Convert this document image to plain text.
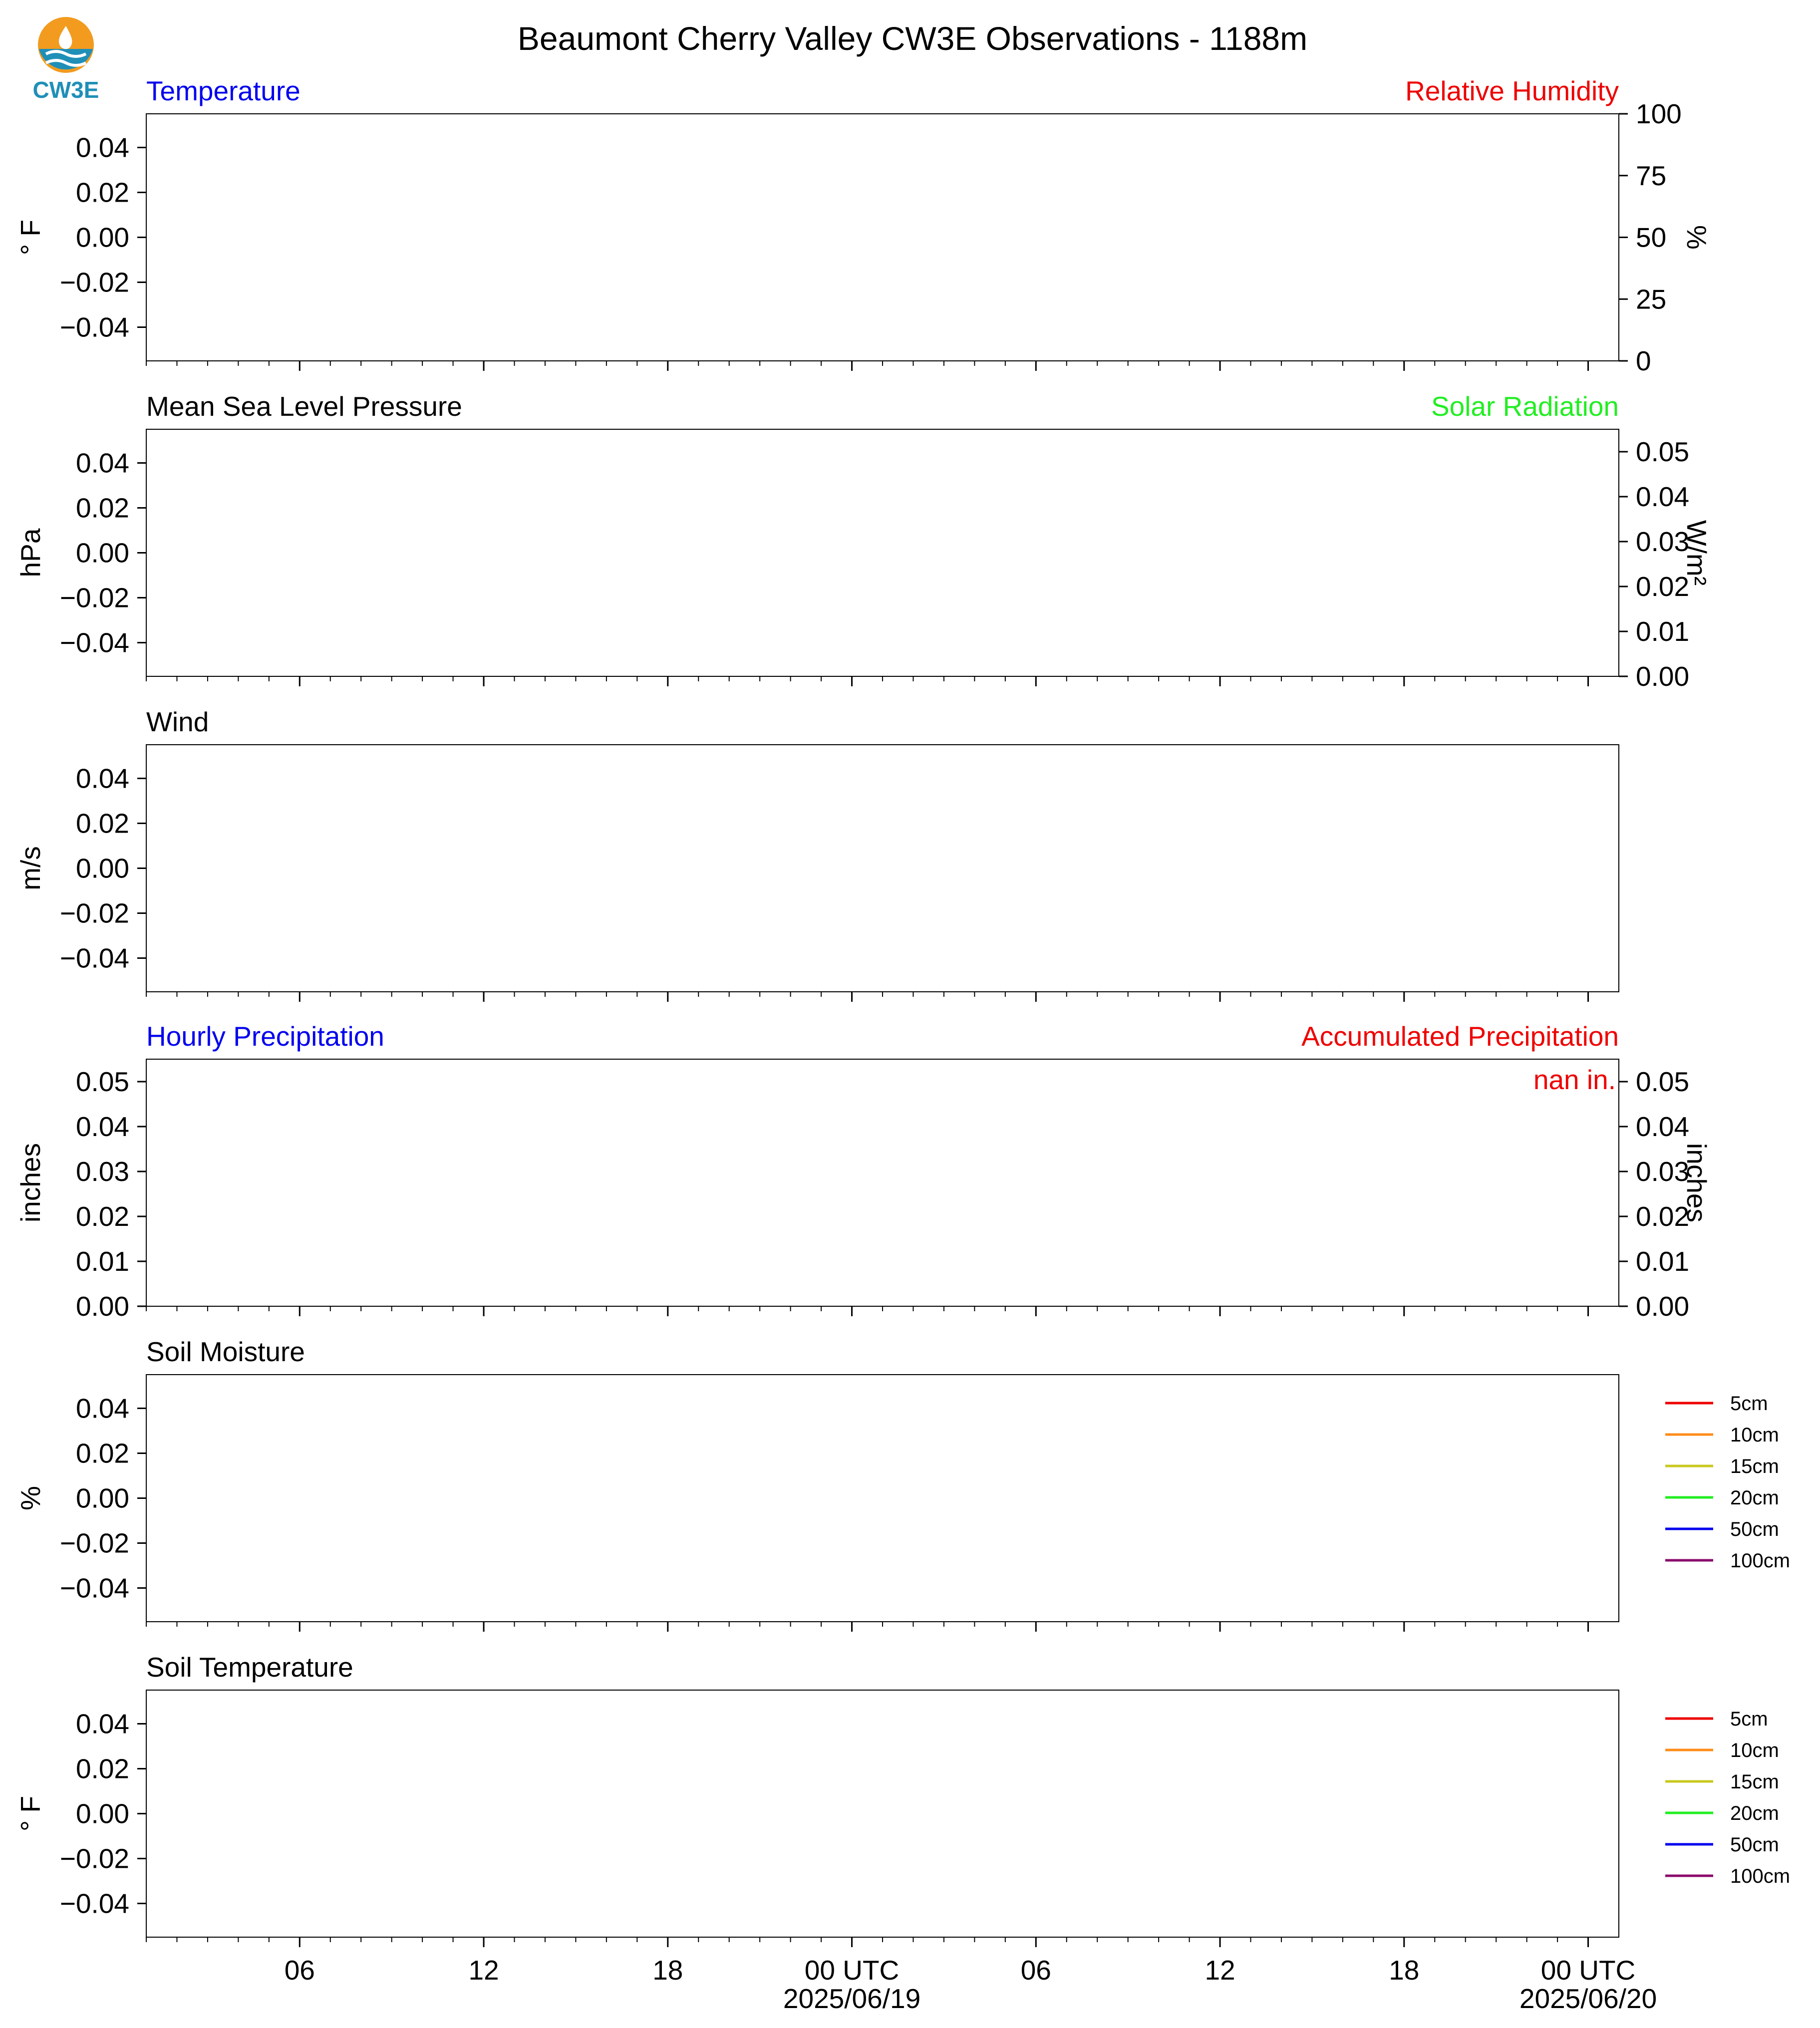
CW3E
Beaumont Cherry Valley CW3E Observations - 1188m
Temperature	Relative Humidity
0.04
0.02
0.00
−0.02
−0.04
° F
100
75
50
25
0
%
Mean Sea Level Pressure	Solar Radiation
0.04
0.02
0.00
−0.02
−0.04
hPa
0.05
0.04
0.03
0.02
0.01
0.00
W/m²
Wind
0.04
0.02
0.00
−0.02
−0.04
m/s
Hourly Precipitation	Accumulated Precipitation
0.05
0.04
0.03
0.02
0.01
0.00
inches
0.05
0.04
0.03
0.02
0.01
0.00
inches
nan in.
Soil Moisture
0.04
0.02
0.00
−0.02
−0.04
%
5cm
10cm
15cm
20cm
50cm
100cm
Soil Temperature
0.04
0.02
0.00
−0.02
−0.04
° F
5cm
10cm
15cm
20cm
50cm
100cm
06	12	18	00 UTC	06	12	18	00 UTC
2025/06/19	2025/06/20
